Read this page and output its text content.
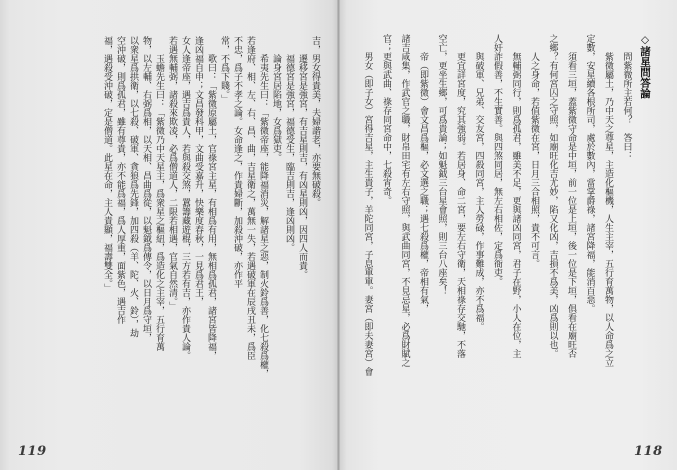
吉，男女得貴美，夫婦諧老，亦要無破殺。
遷移宮是強宮，有吉星則吉，有凶星則凶，因四人而貴。
福德宮是強宮，福德受生，臨吉則吉，逢凶則凶。
論身宮居陷地，女爲獄吏。
希夷先生曰：「紫微帝座，能降福消災，解諸星之惡，制火鈴爲善，化七殺爲權，
若逢府、相、左、右、昌、曲，吉星衛之，萬無一失，若遇破軍在辰戌丑未，爲臣
不忠，爲子不孝之論。女命逢之，作貴婦斷，加殺沖破，亦作平
常，不爲下賤。」
歌曰：「紫微原屬土，官祿宮主星，有相爲有用，無相爲孤君，諸宮皆降福，
逢凶福自申；文昌發科甲，文曲受嘉升，快樂度春秋，一見爲君王，
女人逢帝座，遇吉爲貴人，若與殺交煞，囂籌藏遊棍，三方若有吉，亦作貴人論。
若遇無輔弼，諸殺來欺凌，必爲僧道人，二限若相遇，官氣自然清。」
玉蟾先生曰：「紫微乃中天星主，爲衆星之樞紐，爲造化之主宰，五行育萬
物，以左輔、右弼爲相，以天相、昌曲爲從，以魁鉞爲傳令，以日月爲守垣，
以衆星爲拱衛，以七殺、破軍、貪狼爲先鋒，加四殺（羊、陀、火、鈴），劫
空沖破，則爲孤君，雖有尊貴，亦不能爲福，爲人厚重，面紫色，遇吉作
福，遇殺受沖破，定是僧道。此星在命，主人貴顯，福壽雙全。」
119	118
◇諸星問答論
問紫微所主若何？　答曰：
紫微屬土，乃中天之尊星，主造化樞機，人生主宰，五行育萬物，以人命爲之立
定數，安星續各根所司，處於數內，當掌爵祿，諸宮降福，能消百惡。
須看三垣，蓋紫微守命是中垣，前一位是上垣，後一位是下垣，俱看在廟旺否
之鄉？有何宮囚之守照，如廟旺化吉尤妙，陷又化凶，吉損不爲美，凶爲則以也。
人之身命，若值紫微在宮，日月三合相照，貴不可言。
無輔弼同行，則爲孤君，雖美不足，更與諸凶同宮，君子在野，小人在位，主
人奸詐假善，不生實善。與四煞同居，無左右相佐，定爲衙吏。
與破軍、兄弟、交友宮，四殺同宮，主人勞碌，作事難成，亦不爲福。
更宜詳宮度，究其強弱。若居身、命二宮，要左右守衛，天相祿存交馳，不落
空亡，更坐生鄉，可爲貴論；如魁鉞三台星會照，則三台八座矣！
帝（即紫微）會文昌爲樞，必文選之職；遇七殺爲權，帝相有氣，
諸吉咸集，作武官之職，財帛田宅有左右守照，與武曲同宮，不見忌星，必爲財賦之
官；更與武曲、祿存同宮命中，七殺宵奇。
男女（即子女）宮得吉星，主生貴子，羊陀同宮，子息單單。妻宮（即夫妻宮）會
